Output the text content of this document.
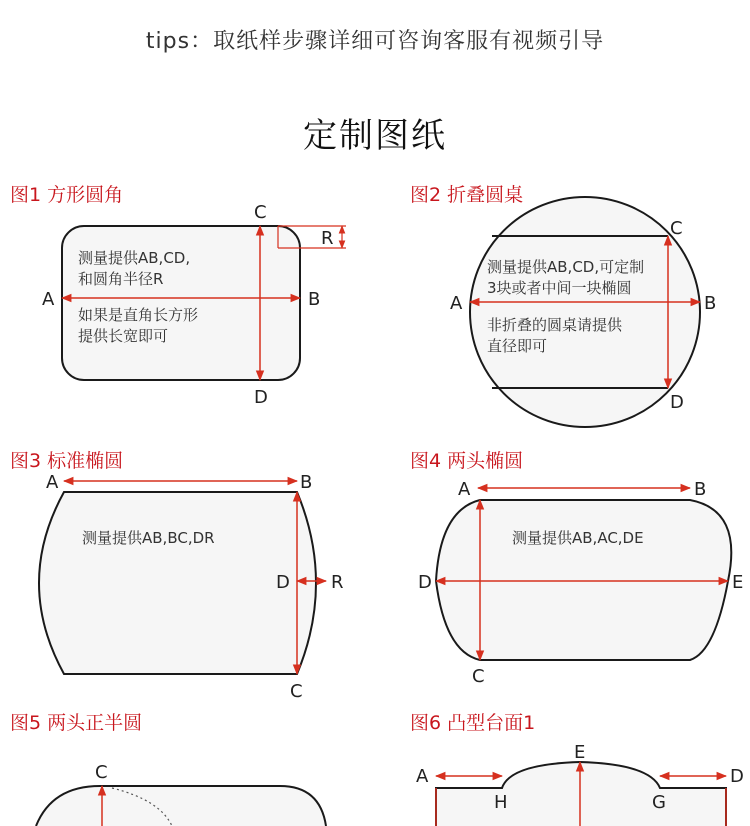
tips：取纸样步骤详细可咨询客服有视频引导
定制图纸
图1 方形圆角	图2 折叠圆桌
图3 标准椭圆	图4 两头椭圆
图5 两头正半圆	图6 凸型台面1
A	B
C
D
R
测量提供AB,CD,
和圆角半径R
如果是直角长方形
提供长宽即可
A	B
C
D
测量提供AB,CD,可定制
3块或者中间一块椭圆
非折叠的圆桌请提供
直径即可
A	B
C
D R
测量提供AB,BC,DR
A	B
C
D	E
测量提供AB,AC,DE
C	A	D
E
G
H
